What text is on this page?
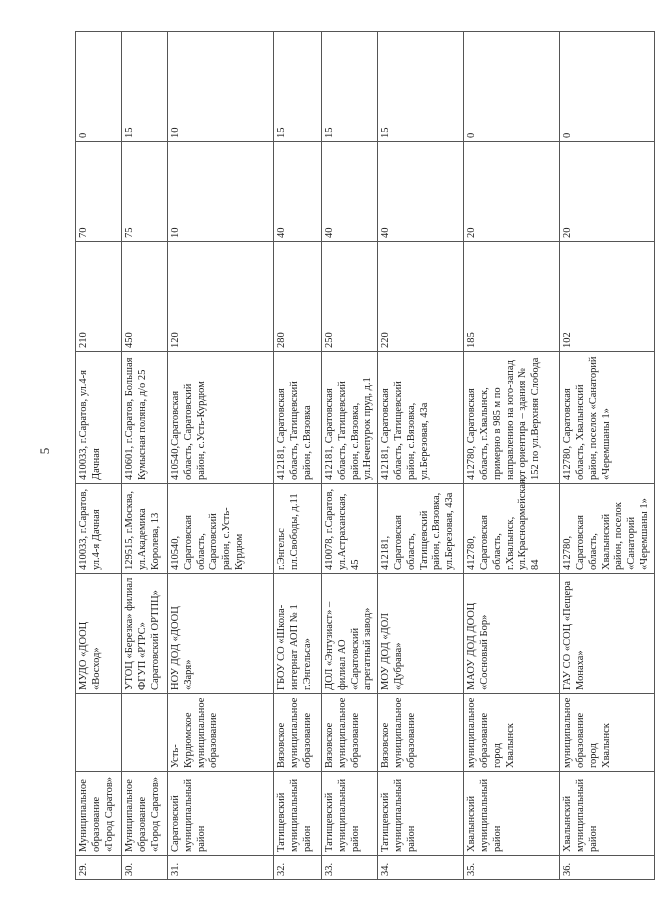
5
29.	Муниципальное образование «Город Саратов»		МУДО «ДООЦ «Восход»	410033, г.Саратов, ул.4-я Дачная	410033, г.Саратов, ул.4-я Дачная	210	70	0
30.	Муниципальное образование «Город Саратов»		УТОЦ «Березка» филиал ФГУП «РТРС» Саратовский ОРТПЦ»	129515, г.Москва, ул.Академика Королева, 13	410601, г.Саратов, Большая Кумысная поляна, д/о 25	450	75	15
31.	Саратовский муниципальный район	Усть-Курдюмское муниципальное образование	НОУ ДОД «ДООЦ «Заря»	410540, Саратовская область, Саратовский район, с.Усть-Курдюм	410540,Саратовская область, Саратовский район, с.Усть-Курдюм	120	10	10
32.	Татищевский муниципальный район	Вязовское муниципальное образование	ГБОУ СО «Школа-интернат АОП № 1 г.Энгельса»	г.Энгельс пл.Свободы, д.11	412181, Саратовская область, Татищевский район, с.Вязовка	280	40	15
33.	Татищевский муниципальный район	Вязовское муниципальное образование	ДОЛ «Энтузиаст» – филиал АО «Саратовский агрегатный завод»	410078, г.Саратов, ул.Астраханская, 45	412181, Саратовская область, Татищевский район, с.Вязовка, ул.Нечепурок пруд, д.1	250	40	15
34.	Татищевский муниципальный район	Вязовское муниципальное образование	МОУ ДОД «ДОЛ «Дубрава»	412181, Саратовская область, Татищевский район, с.Вязовка, ул.Березовая, 43а	412181, Саратовская область, Татищевский район, с.Вязовка, ул.Березовая, 43а	220	40	15
35.	Хвалынский муниципальный район	муниципальное образование город Хвалынск	МАОУ ДОД ДООЦ «Сосновый Бор»	412780, Саратовская область, г.Хвалынск, ул.Красноармейская, 84	412780, Саратовская область, г.Хвалынск, примерно в 985 м по направлению на юго-запад от ориентира – здания № 152 по ул.Верхняя Слобода	185	20	0
36.	Хвалынский муниципальный район	муниципальное образование город Хвалынск	ГАУ СО «СОЦ «Пещера Монаха»	412780, Саратовская область, Хвалынский район, поселок «Санаторий «Черемшаны 1»	412780, Саратовская область, Хвалынский район, поселок «Санаторий «Черемшаны 1»	102	20	0
